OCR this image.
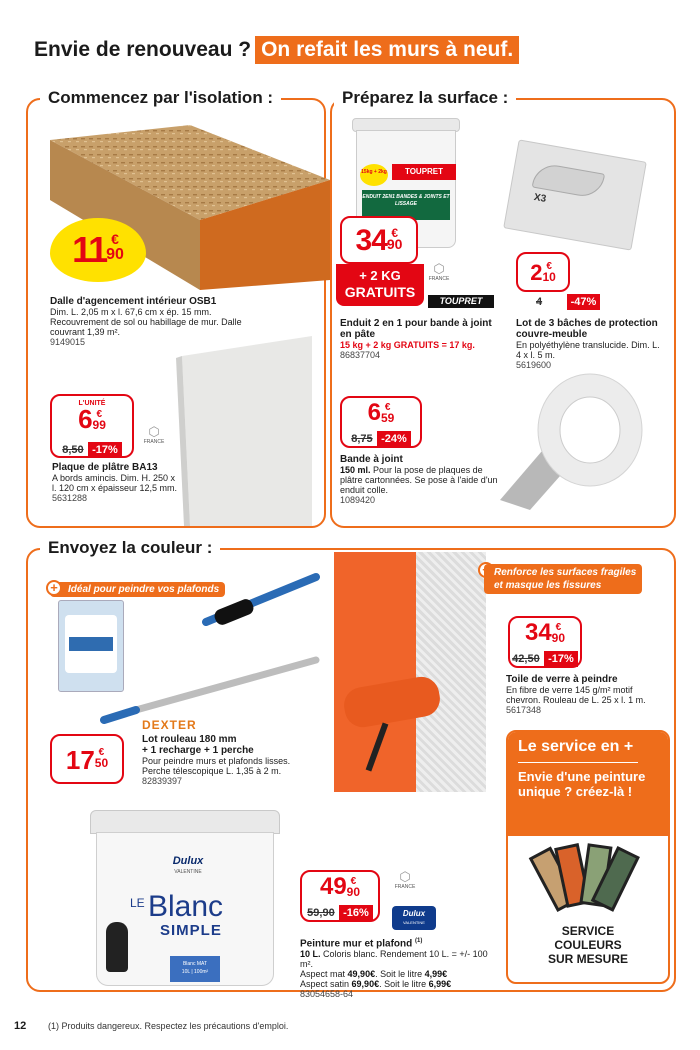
Envie de renouveau ? On refait les murs à neuf.
Commencez par l'isolation :
11 €
90
Dalle d'agencement intérieur OSB1
Dim. L. 2,05 m x l. 67,6 cm x ép. 15 mm. Recouvrement de sol ou habillage de mur. Dalle couvrant 1,39 m².
9149015
L'UNITÉ
6 €
99
8,50 -17%
⬡
FRANCE
Plaque de plâtre BA13
A bords amincis. Dim. H. 250 x l. 120 cm x épaisseur 12,5 mm.
5631288
Préparez la surface :
TOUPRET
15kg + 2kg
ENDUIT 2EN1 BANDES & JOINTS ET LISSAGE
34 €
90
+ 2 KG
GRATUITS
⬡
FRANCE
TOUPRET
Enduit 2 en 1 pour bande à joint en pâte
15 kg + 2 kg GRATUITS = 17 kg.
86837704
X3
2 €
10
4	-47%
Lot de 3 bâches de protection couvre-meuble
En polyéthylène translucide. Dim. L. 4 x l. 5 m.
5619600
6 €
59
8,75 -24%
Bande à joint
150 ml. Pour la pose de plaques de plâtre cartonnées. Se pose à l'aide d'un enduit colle.
1089420
Envoyez la couleur :
Idéal pour peindre vos plafonds
+
DEXTER
17 €
50
Lot rouleau 180 mm
+ 1 recharge + 1 perche
Pour peindre murs et plafonds lisses. Perche télescopique L. 1,35 à 2 m.
82839397
Dulux
VALENTINE
LE Blanc
SIMPLE
Blanc MAT
10L | 100m²
Renforce les surfaces fragiles
et masque les fissures
34 €
90
42,50 -17%
Toile de verre à peindre
En fibre de verre 145 g/m² motif chevron. Rouleau de L. 25 x l. 1 m.
5617348
Le service en +
Envie d'une peinture unique ? créez-là !
SERVICE
COULEURS
SUR MESURE
49 €
90
59,90 -16%
⬡
FRANCE
Dulux
VALENTINE
Peinture mur et plafond $^{(1)}$
10 L. Coloris blanc. Rendement 10 L. = +/- 100 m².
Aspect mat 49,90€. Soit le litre 4,99€
Aspect satin 69,90€. Soit le litre 6,99€
83054658-64
12 (1) Produits dangereux. Respectez les précautions d'emploi.
